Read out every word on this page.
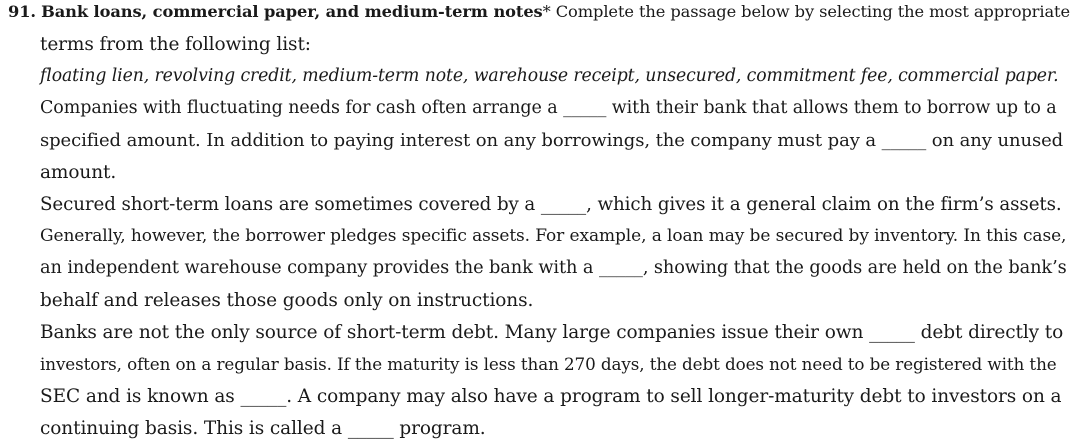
91. Bank loans, commercial paper, and medium-term notes* Complete the passage below by selecting the most appropriate
terms from the following list:
floating lien, revolving credit, medium-term note, warehouse receipt, unsecured, commitment fee, commercial paper.
Companies with fluctuating needs for cash often arrange a _____ with their bank that allows them to borrow up to a
specified amount. In addition to paying interest on any borrowings, the company must pay a _____ on any unused
amount.
Secured short-term loans are sometimes covered by a _____, which gives it a general claim on the firm’s assets.
Generally, however, the borrower pledges specific assets. For example, a loan may be secured by inventory. In this case,
an independent warehouse company provides the bank with a _____, showing that the goods are held on the bank’s
behalf and releases those goods only on instructions.
Banks are not the only source of short-term debt. Many large companies issue their own _____ debt directly to
investors, often on a regular basis. If the maturity is less than 270 days, the debt does not need to be registered with the
SEC and is known as _____. A company may also have a program to sell longer-maturity debt to investors on a
continuing basis. This is called a _____ program.
